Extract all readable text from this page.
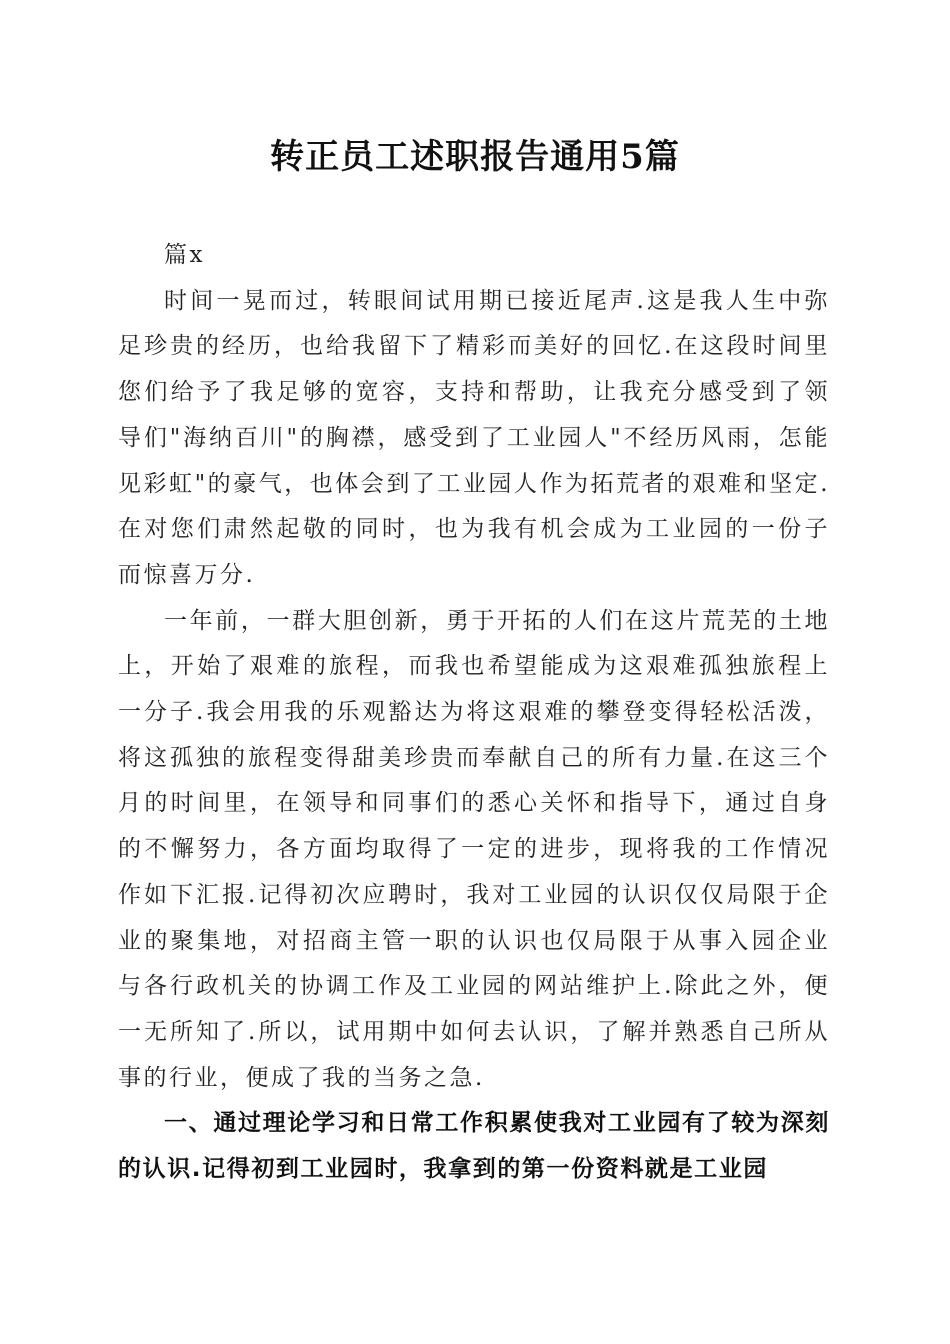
转正员工述职报告通用5篇

篇x

时间一晃而过，转眼间试用期已接近尾声.这是我人生中弥足珍贵的经历，也给我留下了精彩而美好的回忆.在这段时间里您们给予了我足够的宽容，支持和帮助，让我充分感受到了领导们"海纳百川"的胸襟，感受到了工业园人"不经历风雨，怎能见彩虹"的豪气，也体会到了工业园人作为拓荒者的艰难和坚定.在对您们肃然起敬的同时，也为我有机会成为工业园的一份子而惊喜万分.

一年前，一群大胆创新，勇于开拓的人们在这片荒芜的土地上，开始了艰难的旅程，而我也希望能成为这艰难孤独旅程上一分子.我会用我的乐观豁达为将这艰难的攀登变得轻松活泼，将这孤独的旅程变得甜美珍贵而奉献自己的所有力量.在这三个月的时间里，在领导和同事们的悉心关怀和指导下，通过自身的不懈努力，各方面均取得了一定的进步，现将我的工作情况作如下汇报.记得初次应聘时，我对工业园的认识仅仅局限于企业的聚集地，对招商主管一职的认识也仅局限于从事入园企业与各行政机关的协调工作及工业园的网站维护上.除此之外，便一无所知了.所以，试用期中如何去认识，了解并熟悉自己所从事的行业，便成了我的当务之急.

一、通过理论学习和日常工作积累使我对工业园有了较为深刻的认识.记得初到工业园时，我拿到的第一份资料就是工业园
